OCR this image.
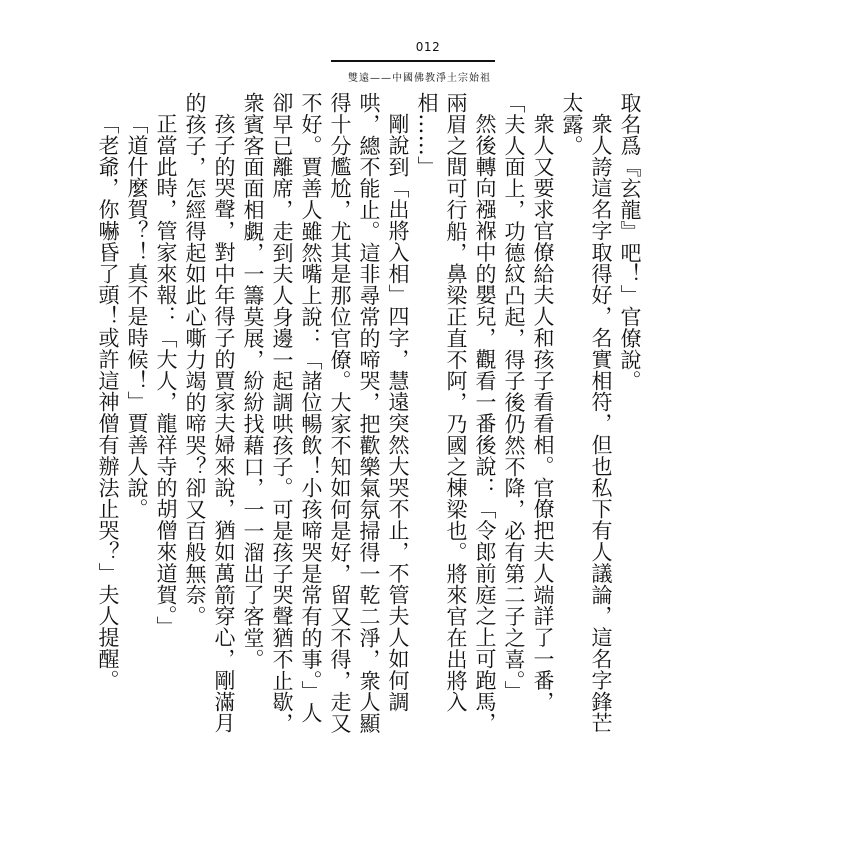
012
雙遠——中國佛教淨土宗始祖

取名爲『玄龍』吧！」官僚說。

衆人誇這名字取得好，名實相符，但也私下有人議論，這名字鋒芒太露。

衆人又要求官僚給夫人和孩子看看相。官僚把夫人端詳了一番，「夫人面上，功德紋凸起，得子後仍然不降，必有第二子之喜。」

然後轉向襁褓中的嬰兒，觀看一番後說：「令郎前庭之上可跑馬，兩眉之間可行船，鼻梁正直不阿，乃國之棟梁也。將來官在出將入相……」

剛說到「出將入相」四字，慧遠突然大哭不止，不管夫人如何調哄，總不能止。這非尋常的啼哭，把歡樂氣氛掃得一乾二淨，衆人顯得十分尷尬，尤其是那位官僚。大家不知如何是好，留又不得，走又不好。賈善人雖然嘴上說：「諸位暢飲！小孩啼哭是常有的事。」人卻早已離席，走到夫人身邊一起調哄孩子。可是孩子哭聲猶不止歇，衆賓客面面相覷，一籌莫展，紛紛找藉口，一一溜出了客堂。

孩子的哭聲，對中年得子的賈家夫婦來說，猶如萬箭穿心，剛滿月的孩子，怎經得起如此心嘶力竭的啼哭？卻又百般無奈。

正當此時，管家來報：「大人，龍祥寺的胡僧來道賀。」

「道什麼賀？！真不是時候！」賈善人說。

「老爺，你嚇昏了頭！或許這神僧有辦法止哭？」夫人提醒。
